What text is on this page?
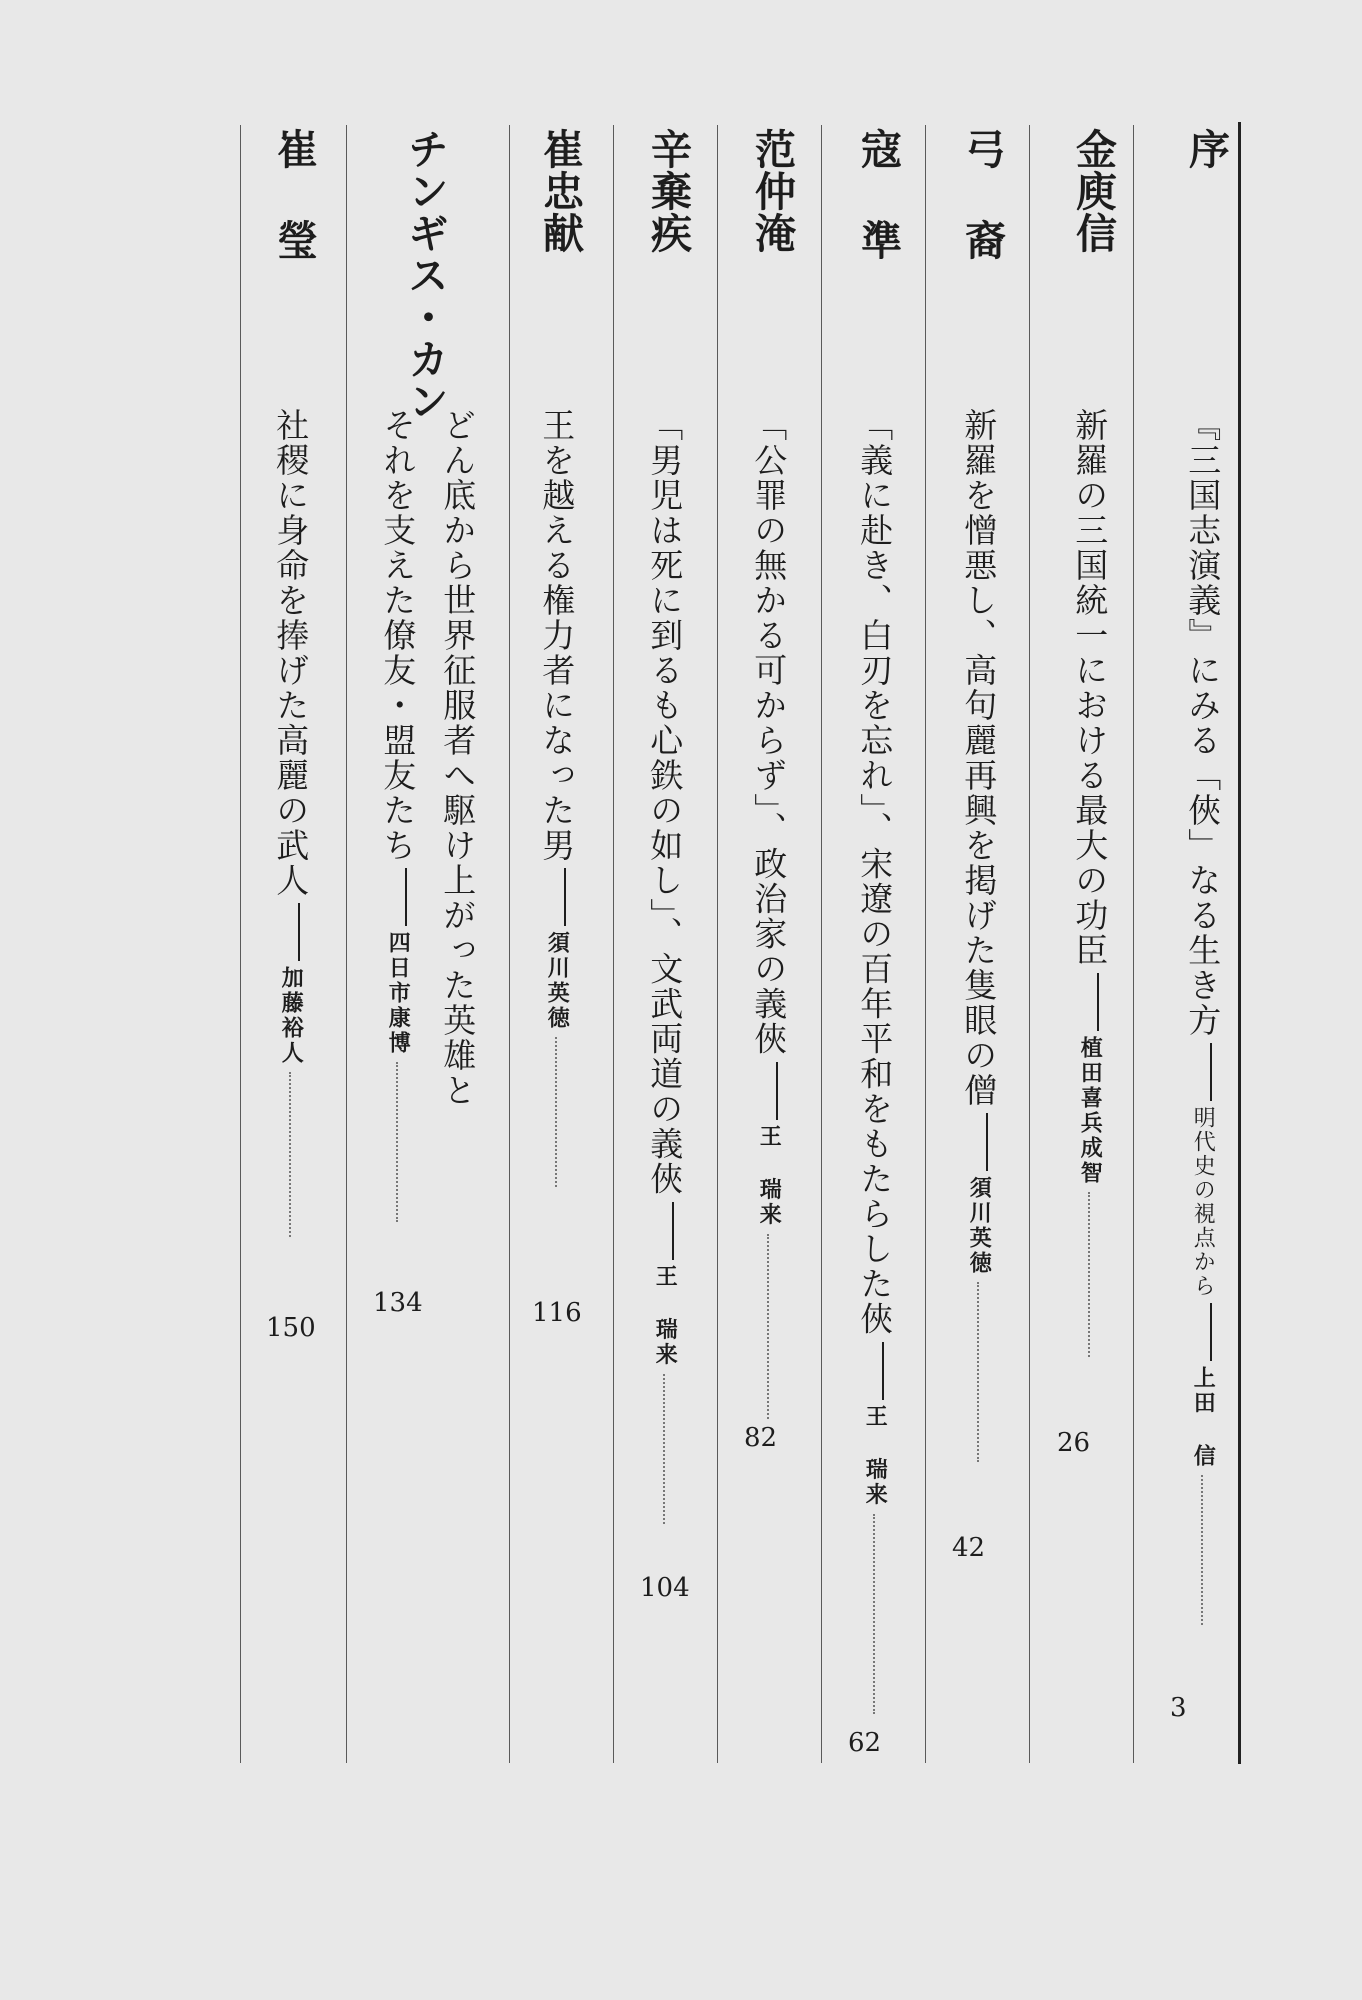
序
『三国志演義』にみる「俠」なる生き方明代史の視点から上田 信
3
金庾信
新羅の三国統一における最大の功臣植田喜兵成智
26
弓 裔
新羅を憎悪し、高句麗再興を掲げた隻眼の僧須川英徳
42
寇 準
「義に赴き、白刃を忘れ」、宋遼の百年平和をもたらした俠王 瑞来
62
范仲淹
「公罪の無かる可からず」、政治家の義俠王 瑞来
82
辛棄疾
「男児は死に到るも心鉄の如し」、文武両道の義俠王 瑞来
104
崔忠献
王を越える権力者になった男須川英徳
116
チンギス・カン
どん底から世界征服者へ駆け上がった英雄と
それを支えた僚友・盟友たち四日市康博
134
崔 瑩
社稷に身命を捧げた高麗の武人加藤裕人
150
